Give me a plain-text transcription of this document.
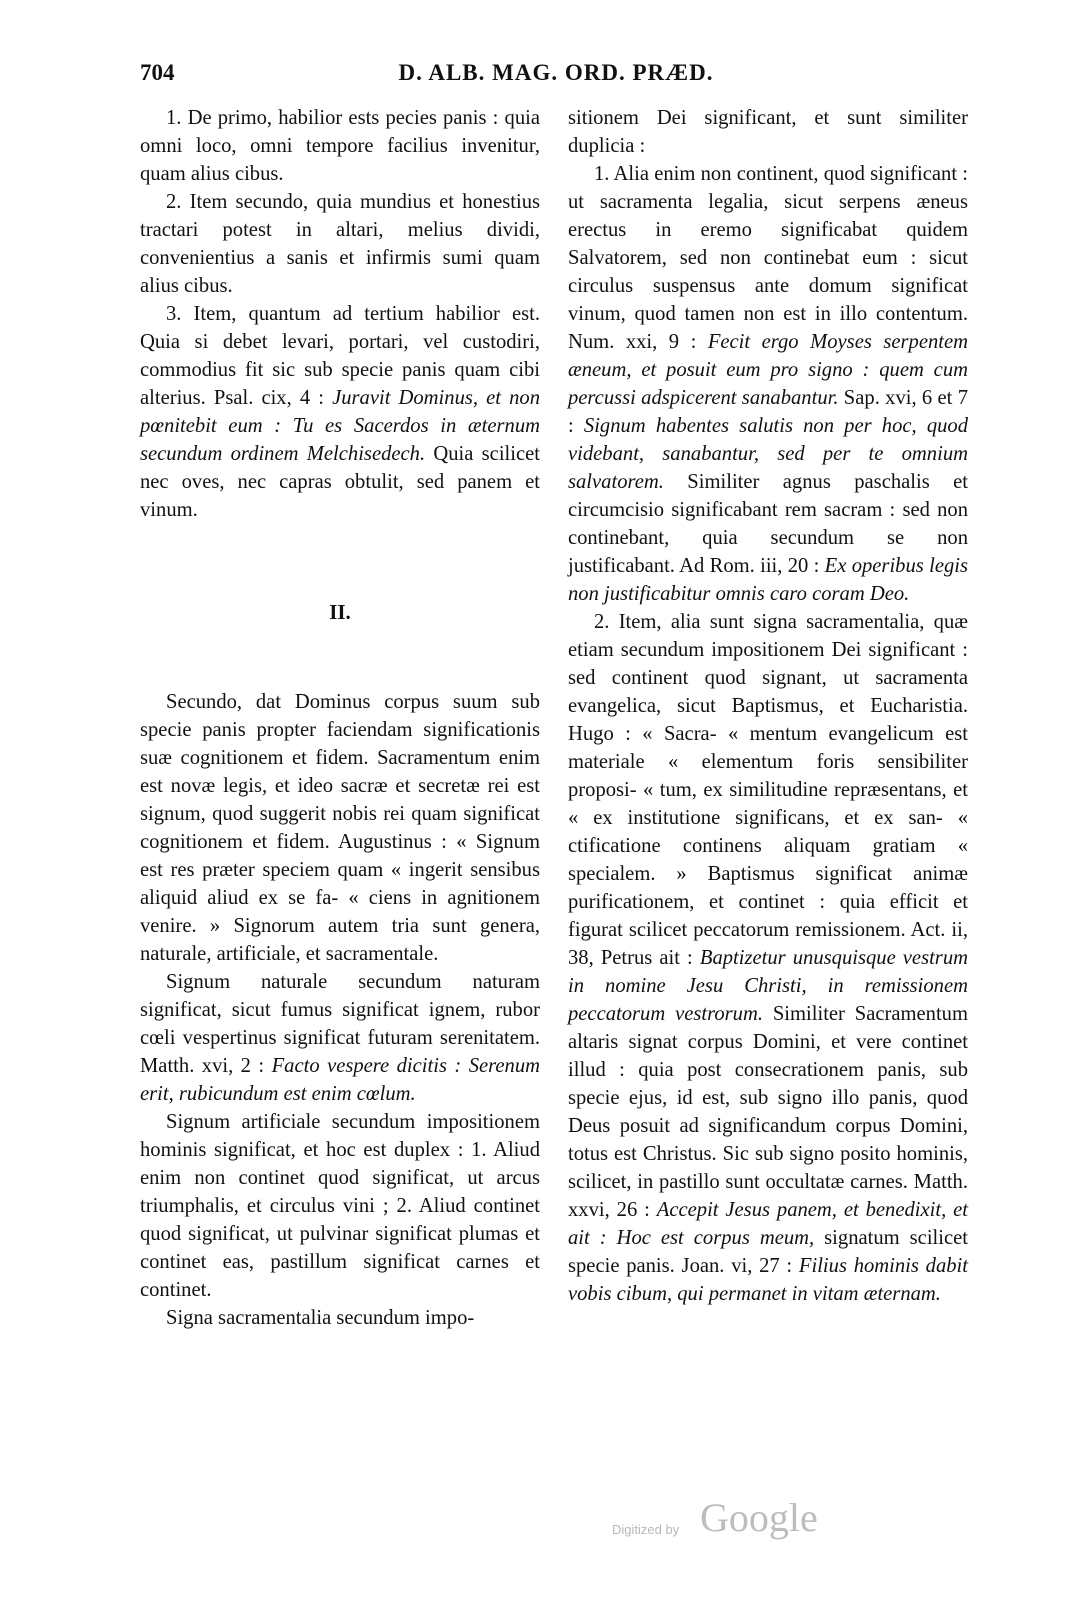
704	D. ALB. MAG. ORD. PRÆD.

1. De primo, habilior ests pecies panis : quia omni loco, omni tempore facilius invenitur, quam alius cibus.

2. Item secundo, quia mundius et honestius tractari potest in altari, melius dividi, convenientius a sanis et infirmis sumi quam alius cibus.

3. Item, quantum ad tertium habilior est. Quia si debet levari, portari, vel custodiri, commodius fit sic sub specie panis quam cibi alterius. Psal. cix, 4 : Juravit Dominus, et non pœnitebit eum : Tu es Sacerdos in æternum secundum ordinem Melchisedech. Quia scilicet nec oves, nec capras obtulit, sed panem et vinum.

II.

Secundo, dat Dominus corpus suum sub specie panis propter faciendam significationis suæ cognitionem et fidem. Sacramentum enim est novæ legis, et ideo sacræ et secretæ rei est signum, quod suggerit nobis rei quam significat cognitionem et fidem. Augustinus : « Signum est res præter speciem quam « ingerit sensibus aliquid aliud ex se fa- « ciens in agnitionem venire. » Signorum autem tria sunt genera, naturale, artificiale, et sacramentale.

Signum naturale secundum naturam significat, sicut fumus significat ignem, rubor cœli vespertinus significat futuram serenitatem. Matth. xvi, 2 : Facto vespere dicitis : Serenum erit, rubicundum est enim cœlum.

Signum artificiale secundum impositionem hominis significat, et hoc est duplex : 1. Aliud enim non continet quod significat, ut arcus triumphalis, et circulus vini ; 2. Aliud continet quod significat, ut pulvinar significat plumas et continet eas, pastillum significat carnes et continet.

Signa sacramentalia secundum impo-

sitionem Dei significant, et sunt similiter duplicia :

1. Alia enim non continent, quod significant : ut sacramenta legalia, sicut serpens æneus erectus in eremo significabat quidem Salvatorem, sed non continebat eum : sicut circulus suspensus ante domum significat vinum, quod tamen non est in illo contentum. Num. xxi, 9 : Fecit ergo Moyses serpentem æneum, et posuit eum pro signo : quem cum percussi adspicerent sanabantur. Sap. xvi, 6 et 7 : Signum habentes salutis non per hoc, quod videbant, sanabantur, sed per te omnium salvatorem. Similiter agnus paschalis et circumcisio significabant rem sacram : sed non continebant, quia secundum se non justificabant. Ad Rom. iii, 20 : Ex operibus legis non justificabitur omnis caro coram Deo.

2. Item, alia sunt signa sacramentalia, quæ etiam secundum impositionem Dei significant : sed continent quod signant, ut sacramenta evangelica, sicut Baptismus, et Eucharistia. Hugo : « Sacra- « mentum evangelicum est materiale « elementum foris sensibiliter proposi- « tum, ex similitudine repræsentans, et « ex institutione significans, et ex san- « ctificatione continens aliquam gratiam « specialem. » Baptismus significat animæ purificationem, et continet : quia efficit et figurat scilicet peccatorum remissionem. Act. ii, 38, Petrus ait : Baptizetur unusquisque vestrum in nomine Jesu Christi, in remissionem peccatorum vestrorum. Similiter Sacramentum altaris signat corpus Domini, et vere continet illud : quia post consecrationem panis, sub specie ejus, id est, sub signo illo panis, quod Deus posuit ad significandum corpus Domini, totus est Christus. Sic sub signo posito hominis, scilicet, in pastillo sunt occultatæ carnes. Matth. xxvi, 26 : Accepit Jesus panem, et benedixit, et ait : Hoc est corpus meum, signatum scilicet specie panis. Joan. vi, 27 : Filius hominis dabit vobis cibum, qui permanet in vitam æternam.

Digitized by Google
